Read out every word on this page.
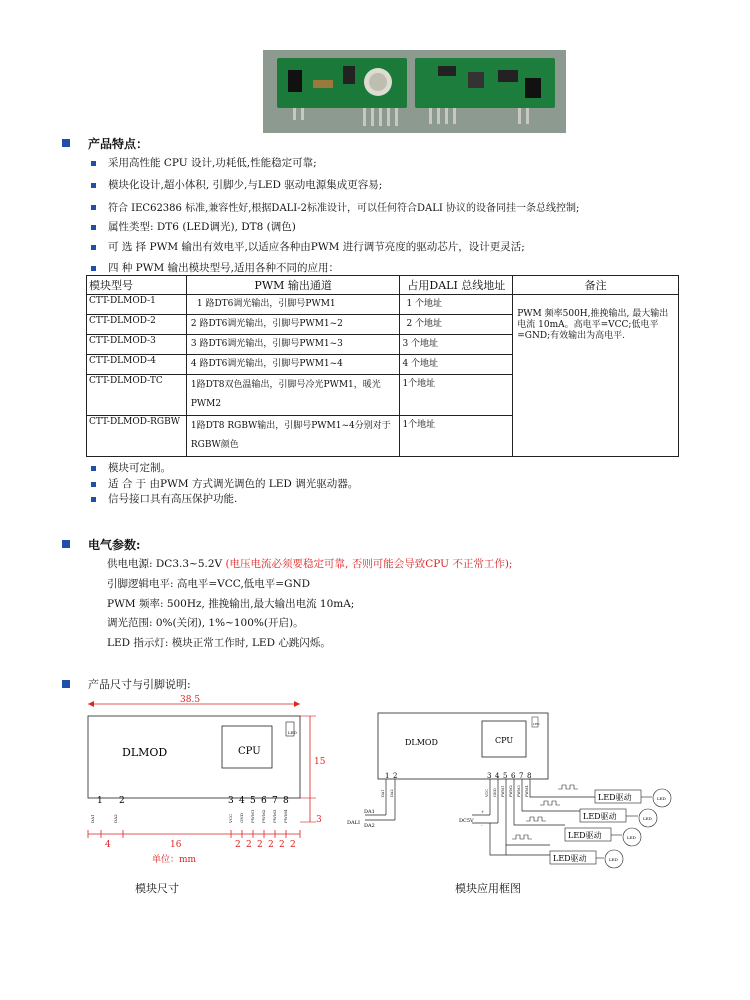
产品特点：
采用高性能 CPU 设计,功耗低,性能稳定可靠;
模块化设计,超小体积, 引脚少,与LED 驱动电源集成更容易;
符合 IEC62386 标准,兼容性好,根据DALI-2标准设计，可以任何符合DALI 协议的设备同挂一条总线控制;
属性类型: DT6 (LED调光), DT8 (调色)
可 选 择 PWM 输出有效电平,以适应各种由PWM 进行调节亮度的驱动芯片，设计更灵活;
四 种 PWM 输出模块型号,适用各种不同的应用：
模块型号	PWM 输出通道	占用DALI 总线地址	备注
CTT-DLMOD-1	1 路DT6调光输出，引脚号PWM1	1 个地址	PWM 频率500H,推挽输出, 最大输出电流 10mA。高电平=VCC;低电平=GND;有效输出为高电平.
CTT-DLMOD-2	2 路DT6调光输出，引脚号PWM1~2	2 个地址	
CTT-DLMOD-3	3 路DT6调光输出，引脚号PWM1~3	3 个地址	
CTT-DLMOD-4	4 路DT6调光输出，引脚号PWM1~4	4 个地址	
CTT-DLMOD-TC	1路DT8双色温输出，引脚号冷光PWM1，暖光PWM2	1个地址	
CTT-DLMOD-RGBW	1路DT8 RGBW输出，引脚号PWM1~4分别对于RGBW颜色	1个地址	
模块可定制。
适 合 于 由PWM 方式调光调色的 LED 调光驱动器。
信号接口具有高压保护功能.
电气参数:
供电电源: DC3.3~5.2V (电压电流必须要稳定可靠, 否则可能会导致CPU 不正常工作);
引脚逻辑电平: 高电平=VCC,低电平=GND
PWM 频率: 500Hz, 推挽输出,最大输出电流 10mA;
调光范围: 0%(关闭), 1%~100%(开启)。
LED 指示灯: 模块正常工作时, LED 心跳闪烁。
产品尺寸与引脚说明:
38.5
DLMOD	CPU
LED
15
3
1 2	3 4 5 6 7 8
DA1	DA2	VCC GND PWM1 PWM2 PWM3 PWM4
4	16	2 2 2 2 2 2
单位：mm
模块尺寸
DLMOD	CPU
LED
1 2	3 4 5 6 7 8
DA1 DA2	VCC GND PWM1 PWM2 PWM3 PWM4
DA1
DA2
DALI	DC5V
+
-
LED驱动
LED驱动
LED驱动
LED驱动
LED
LED
LED
LED
模块应用框图
